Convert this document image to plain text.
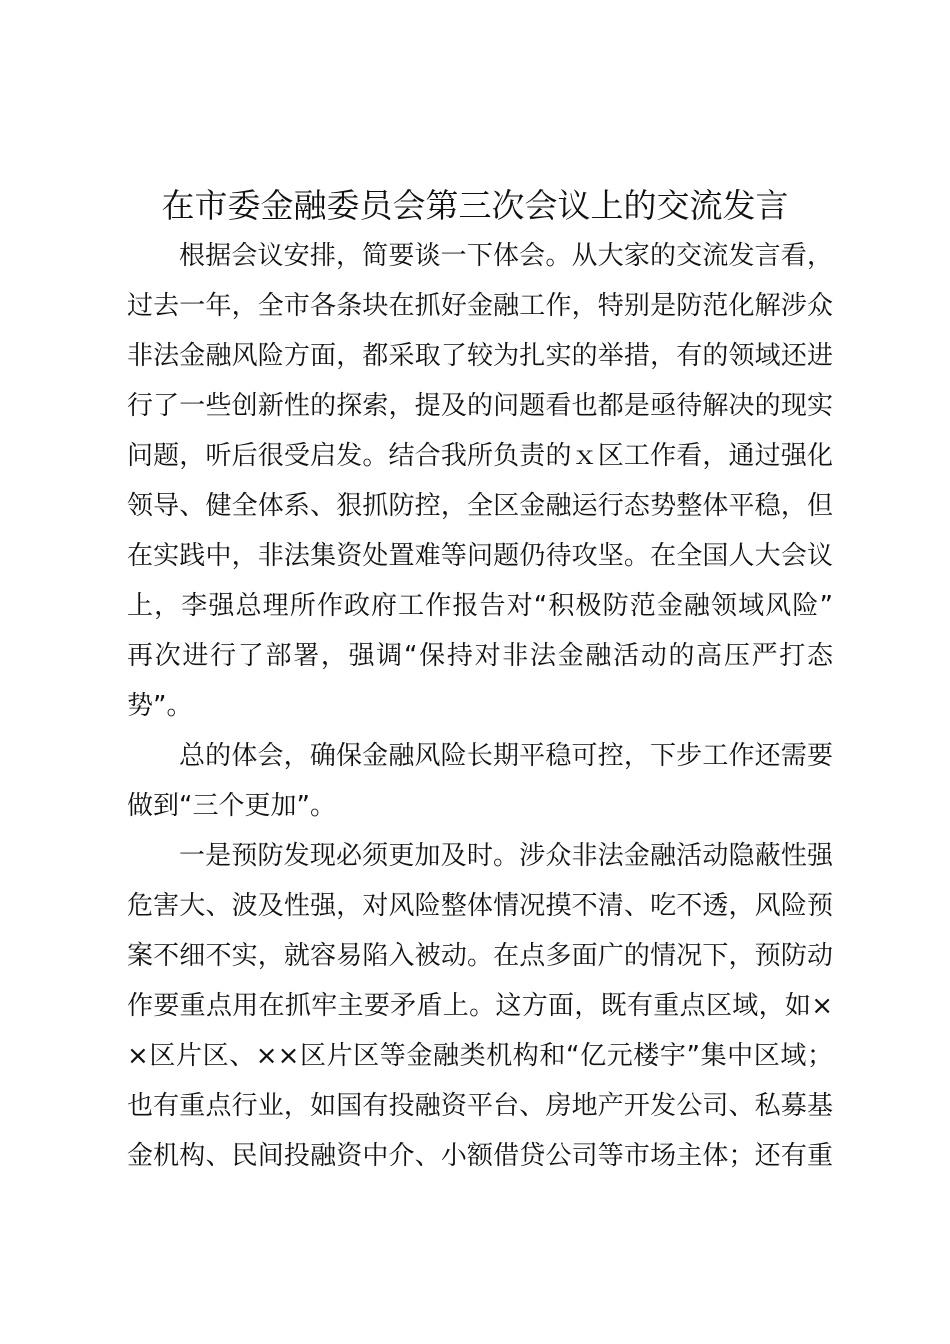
在市委金融委员会第三次会议上的交流发言

根据会议安排，简要谈一下体会。从大家的交流发言看，
过去一年，全市各条块在抓好金融工作，特别是防范化解涉众
非法金融风险方面，都采取了较为扎实的举措，有的领域还进
行了一些创新性的探索，提及的问题看也都是亟待解决的现实
问题，听后很受启发。结合我所负责的ｘ区工作看，通过强化
领导、健全体系、狠抓防控，全区金融运行态势整体平稳，但
在实践中，非法集资处置难等问题仍待攻坚。在全国人大会议
上，李强总理所作政府工作报告对“积极防范金融领域风险”
再次进行了部署，强调“保持对非法金融活动的高压严打态
势”。

总的体会，确保金融风险长期平稳可控，下步工作还需要
做到“三个更加”。

一是预防发现必须更加及时。涉众非法金融活动隐蔽性强
危害大、波及性强，对风险整体情况摸不清、吃不透，风险预
案不细不实，就容易陷入被动。在点多面广的情况下，预防动
作要重点用在抓牢主要矛盾上。这方面，既有重点区域，如×
×区片区、××区片区等金融类机构和“亿元楼宇”集中区域；
也有重点行业，如国有投融资平台、房地产开发公司、私募基
金机构、民间投融资中介、小额借贷公司等市场主体；还有重
